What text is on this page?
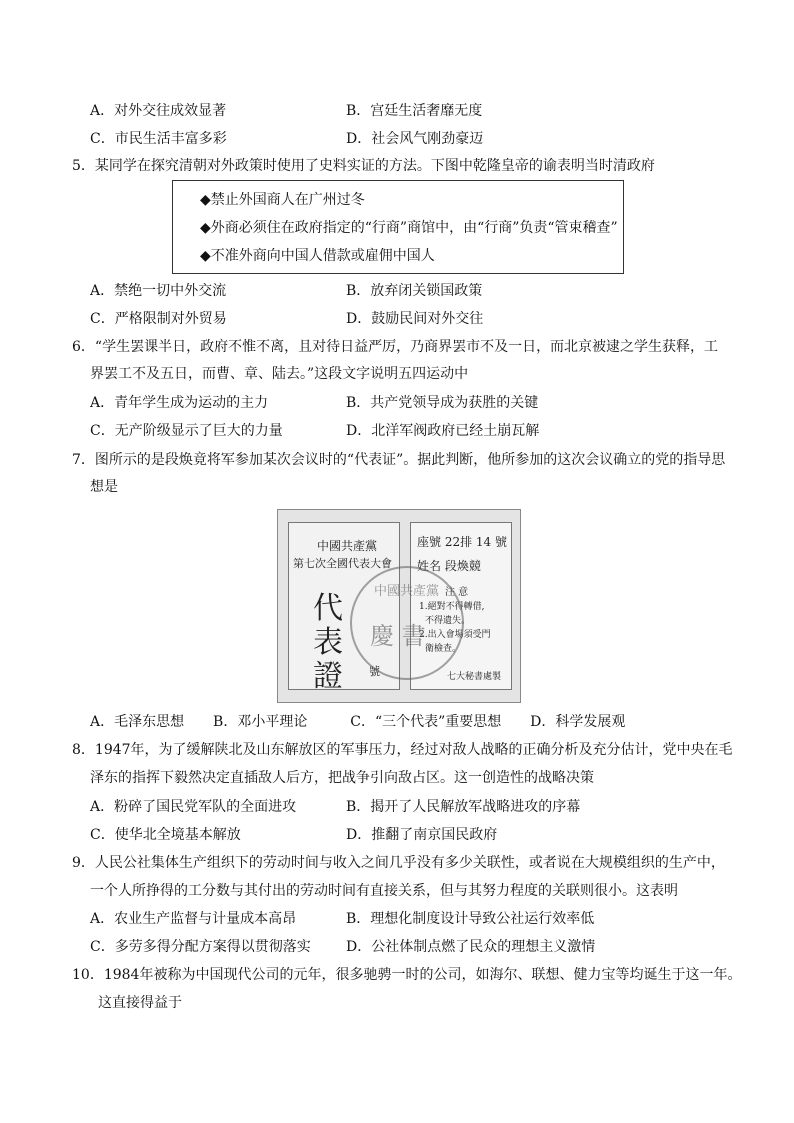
A．对外交往成效显著	B．宫廷生活奢靡无度
C．市民生活丰富多彩	D．社会风气刚劲豪迈
5．某同学在探究清朝对外政策时使用了史料实证的方法。下图中乾隆皇帝的谕表明当时清政府
◆禁止外国商人在广州过冬
◆外商必须住在政府指定的“行商”商馆中，由“行商”负责“管束稽查”
◆不准外商向中国人借款或雇佣中国人
A．禁绝一切中外交流	B．放弃闭关锁国政策
C．严格限制对外贸易	D．鼓励民间对外交往
6．“学生罢课半日，政府不惟不离，且对待日益严厉，乃商界罢市不及一日，而北京被逮之学生获释，工
界罢工不及五日，而曹、章、陆去。”这段文字说明五四运动中
A．青年学生成为运动的主力	B．共产党领导成为获胜的关键
C．无产阶级显示了巨大的力量	D．北洋军阀政府已经土崩瓦解
7．图所示的是段焕竟将军参加某次会议时的“代表证”。据此判断，他所参加的这次会议确立的党的指导思
想是
中國共產黨
第七次全國代表大會
代
表
證 號
座號 22排 14 號
姓名 段煥競
注 意
1.絕對不得轉借,
不得遺失。
2.出入會場須受門
衛檢查。
七大秘書處製
中國共產黨
慶 書
A．毛泽东思想 B．邓小平理论	C．“三个代表”重要思想 D．科学发展观
8．1947年，为了缓解陕北及山东解放区的军事压力，经过对敌人战略的正确分析及充分估计，党中央在毛
泽东的指挥下毅然决定直插敌人后方，把战争引向敌占区。这一创造性的战略决策
A．粉碎了国民党军队的全面进攻	B．揭开了人民解放军战略进攻的序幕
C．使华北全境基本解放	D．推翻了南京国民政府
9．人民公社集体生产组织下的劳动时间与收入之间几乎没有多少关联性，或者说在大规模组织的生产中，
一个人所挣得的工分数与其付出的劳动时间有直接关系，但与其努力程度的关联则很小。这表明
A．农业生产监督与计量成本高昂	B．理想化制度设计导致公社运行效率低
C．多劳多得分配方案得以贯彻落实	D．公社体制点燃了民众的理想主义激情
10．1984年被称为中国现代公司的元年，很多驰骋一时的公司，如海尔、联想、健力宝等均诞生于这一年。
这直接得益于
